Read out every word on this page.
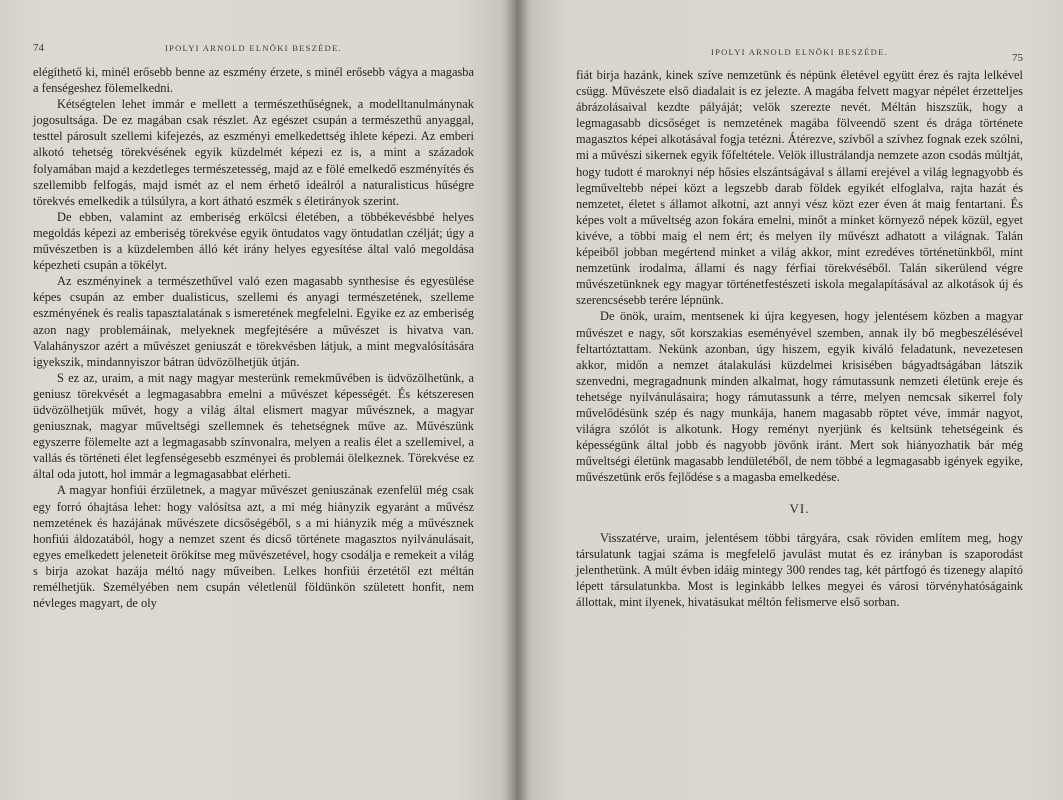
74	IPOLYI ARNOLD ELNÖKI BESZÉDE.

elégíthető ki, minél erősebb benne az eszmény érzete, s minél erősebb vágya a magasba a fenségeshez fölemelkedni.

Kétségtelen lehet immár e mellett a természethűségnek, a modelltanulmánynak jogosultsága. De ez magában csak részlet. Az egészet csupán a természethű anyaggal, testtel párosult szellemi kifejezés, az eszményi emelkedettség ihlete képezi. Az emberi alkotó tehetség törekvésének egyik küzdelmét képezi ez is, a mint a századok folyamában majd a kezdetleges természetesség, majd az e fölé emelkedő eszményítés és szellemibb felfogás, majd ismét az el nem érhető ideálról a naturalisticus hűségre törekvés emelkedik a túlsúlyra, a kort átható eszmék s életirányok szerint.

De ebben, valamint az emberiség erkölcsi életében, a többékevésbbé helyes megoldás képezi az emberiség törekvése egyik öntudatos vagy öntudatlan czélját; úgy a művészetben is a küzdelemben álló két irány helyes egyesítése által való megoldása képezheti csupán a tökélyt.

Az eszményinek a természethűvel való ezen magasabb synthesise és egyesülése képes csupán az ember dualisticus, szellemi és anyagi természetének, szelleme eszményének és realis tapasztalatának s ismeretének megfelelni. Egyike ez az emberiség azon nagy problemáinak, melyeknek megfejtésére a művészet is hivatva van. Valahányszor azért a művészet geniuszát e törekvésben látjuk, a mint megvalósítására igyekszik, mindannyiszor bátran üdvözölhetjük útján.

S ez az, uraim, a mit nagy magyar mesterünk remekművében is üdvözölhetünk, a geniusz törekvését a legmagasabbra emelni a művészet képességét. És kétszeresen üdvözölhetjük művét, hogy a világ által elismert magyar művésznek, a magyar geniusznak, magyar műveltségi szellemnek és tehetségnek műve az. Művészünk egyszerre fölemelte azt a legmagasabb színvonalra, melyen a realis élet a szellemivel, a vallás és történeti élet legfenségesebb eszményei és problemái ölelkeznek. Törekvése ez által oda jutott, hol immár a legmagasabbat elérheti.

A magyar honfiúi érzületnek, a magyar művészet geniuszának ezenfelül még csak egy forró óhajtása lehet: hogy valósítsa azt, a mi még hiányzik egyaránt a művész nemzetének és hazájának művészete dicsőségéből, s a mi hiányzik még a művésznek honfiúi áldozatából, hogy a nemzet szent és dicső története magasztos nyilvánulásait, egyes emelkedett jeleneteit örökítse meg művészetével, hogy csodálja e remekeit a világ s birja azokat hazája méltó nagy műveiben. Lelkes honfiúi érzetétől ezt méltán remélhetjük. Személyében nem csupán véletlenül földünkön született honfit, nem névleges magyart, de oly

IPOLYI ARNOLD ELNÖKI BESZÉDE.	75

fiát birja hazánk, kinek szíve nemzetünk és népünk életével együtt érez és rajta lelkével csügg. Művészete első diadalait is ez jelezte. A magába felvett magyar népélet érzetteljes ábrázolásaival kezdte pályáját; velök szerezte nevét. Méltán hiszszük, hogy a legmagasabb dicsőséget is nemzetének magába fölveendő szent és drága története magasztos képei alkotásával fogja tetézni. Átérezve, szívből a szívhez fognak ezek szólni, mi a művészi sikernek egyik főfeltétele. Velök illustrálandja nemzete azon csodás múltját, hogy tudott é maroknyi nép hősies elszántságával s állami erejével a világ legnagyobb és legműveltebb népei közt a legszebb darab földek egyikét elfoglalva, rajta hazát és nemzetet, életet s államot alkotni, azt annyi vész közt ezer éven át maig fentartani. És képes volt a műveltség azon fokára emelni, minőt a minket környező népek közül, egyet kivéve, a többi maig el nem ért; és melyen ily művészt adhatott a világnak. Talán képeiből jobban megértend minket a világ akkor, mint ezredéves történetünkből, mint nemzetünk irodalma, állami és nagy férfiai törekvéséből. Talán sikerülend végre művészetünknek egy magyar történetfestészeti iskola megalapításával az alkotások új és szerencsésebb terére lépnünk.

De önök, uraim, mentsenek ki újra kegyesen, hogy jelentésem közben a magyar művészet e nagy, sőt korszakias eseményével szemben, annak ily bő megbeszélésével feltartóztattam. Nekünk azonban, úgy hiszem, egyik kiváló feladatunk, nevezetesen akkor, midőn a nemzet átalakulási küzdelmei krisisében bágyadtságában látszik szenvedni, megragadnunk minden alkalmat, hogy rámutassunk nemzeti életünk ereje és tehetsége nyilvánulásaira; hogy rámutassunk a térre, melyen nemcsak sikerrel foly művelődésünk szép és nagy munkája, hanem magasabb röptet véve, immár nagyot, világra szólót is alkotunk. Hogy reményt nyerjünk és keltsünk tehetségeink és képességünk által jobb és nagyobb jövőnk iránt. Mert sok hiányozhatik bár még műveltségi életünk magasabb lendületéből, de nem többé a legmagasabb igények egyike, művészetünk erős fejlődése s a magasba emelkedése.

VI.

Visszatérve, uraim, jelentésem többi tárgyára, csak röviden említem meg, hogy társulatunk tagjai száma is megfelelő javulást mutat és ez irányban is szaporodást jelenthetünk. A múlt évben idáig mintegy 300 rendes tag, két pártfogó és tizenegy alapító lépett társulatunkba. Most is leginkább lelkes megyei és városi törvényhatóságaink állottak, mint ilyenek, hivatásukat méltón felismerve első sorban.
